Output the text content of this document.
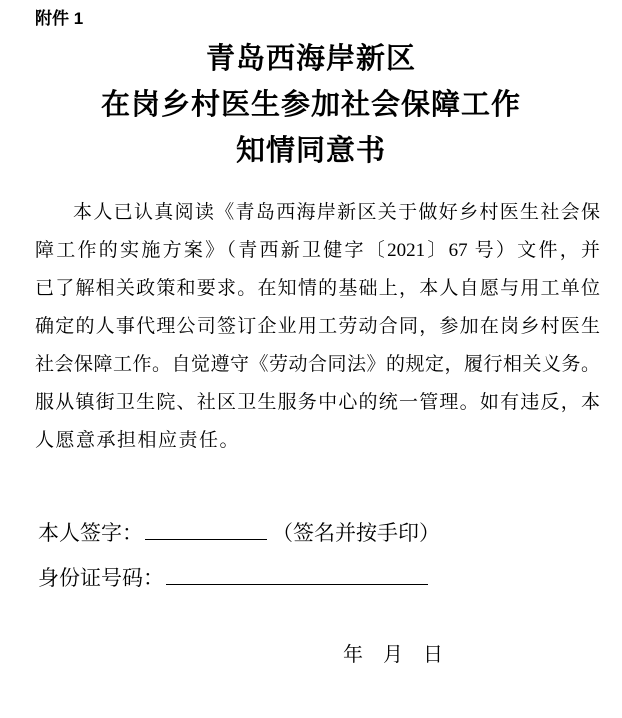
附件 1
青岛西海岸新区
在岗乡村医生参加社会保障工作
知情同意书
本人已认真阅读《青岛西海岸新区关于做好乡村医生社会保
障工作的实施方案》（青西新卫健字〔2021〕67 号）文件，并
已了解相关政策和要求。在知情的基础上，本人自愿与用工单位
确定的人事代理公司签订企业用工劳动合同，参加在岗乡村医生
社会保障工作。自觉遵守《劳动合同法》的规定，履行相关义务。
服从镇街卫生院、社区卫生服务中心的统一管理。如有违反，本
人愿意承担相应责任。
本人签字：	（签名并按手印）
身份证号码：
年　月　日
